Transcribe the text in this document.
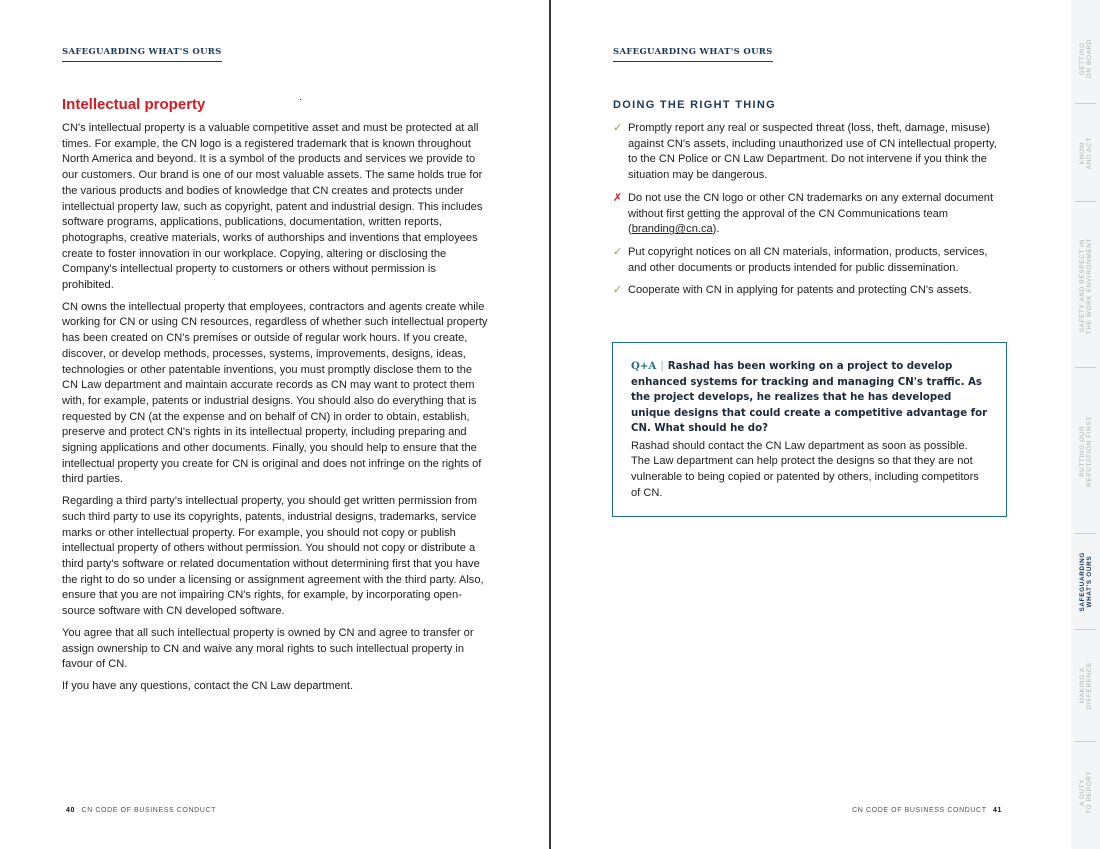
SAFEGUARDING WHAT'S OURS
Intellectual property

CN's intellectual property is a valuable competitive asset and must be protected at all times. For example, the CN logo is a registered trademark that is known throughout North America and beyond. It is a symbol of the products and services we provide to our customers. Our brand is one of our most valuable assets. The same holds true for the various products and bodies of knowledge that CN creates and protects under intellectual property law, such as copyright, patent and industrial design. This includes software programs, applications, publications, documentation, written reports, photographs, creative materials, works of authorships and inventions that employees create to foster innovation in our workplace. Copying, altering or disclosing the Company's intellectual property to customers or others without permission is prohibited.

CN owns the intellectual property that employees, contractors and agents create while working for CN or using CN resources, regardless of whether such intellectual property has been created on CN's premises or outside of regular work hours. If you create, discover, or develop methods, processes, systems, improvements, designs, ideas, technologies or other patentable inventions, you must promptly disclose them to the CN Law department and maintain accurate records as CN may want to protect them with, for example, patents or industrial designs. You should also do everything that is requested by CN (at the expense and on behalf of CN) in order to obtain, establish, preserve and protect CN's rights in its intellectual property, including preparing and signing applications and other documents. Finally, you should help to ensure that the intellectual property you create for CN is original and does not infringe on the rights of third parties.

Regarding a third party's intellectual property, you should get written permission from such third party to use its copyrights, patents, industrial designs, trademarks, service marks or other intellectual property. For example, you should not copy or publish intellectual property of others without permission. You should not copy or distribute a third party's software or related documentation without determining first that you have the right to do so under a licensing or assignment agreement with the third party. Also, ensure that you are not impairing CN's rights, for example, by incorporating open-source software with CN developed software.

You agree that all such intellectual property is owned by CN and agree to transfer or assign ownership to CN and waive any moral rights to such intellectual property in favour of CN.

If you have any questions, contact the CN Law department.

40 CN CODE OF BUSINESS CONDUCT
SAFEGUARDING WHAT'S OURS
DOING THE RIGHT THING
✓ Promptly report any real or suspected threat (loss, theft, damage, misuse) against CN's assets, including unauthorized use of CN intellectual property, to the CN Police or CN Law Department. Do not intervene if you think the situation may be dangerous.
✗ Do not use the CN logo or other CN trademarks on any external document without first getting the approval of the CN Communications team (branding@cn.ca).
✓ Put copyright notices on all CN materials, information, products, services, and other documents or products intended for public dissemination.
✓ Cooperate with CN in applying for patents and protecting CN's assets.
Q+A | Rashad has been working on a project to develop enhanced systems for tracking and managing CN's traffic. As the project develops, he realizes that he has developed unique designs that could create a competitive advantage for CN. What should he do?
Rashad should contact the CN Law department as soon as possible. The Law department can help protect the designs so that they are not vulnerable to being copied or patented by others, including competitors of CN.
CN CODE OF BUSINESS CONDUCT 41
GETTING
ON BOARD
KNOW
AND ACT
SAFETY AND RESPECT IN
THE WORK ENVIRONMENT
PUTTING OUR
REPUTATION FIRST
SAFEGUARDING
WHAT'S OURS
MAKING A
DIFFERENCE
A DUTY
TO REPORT
